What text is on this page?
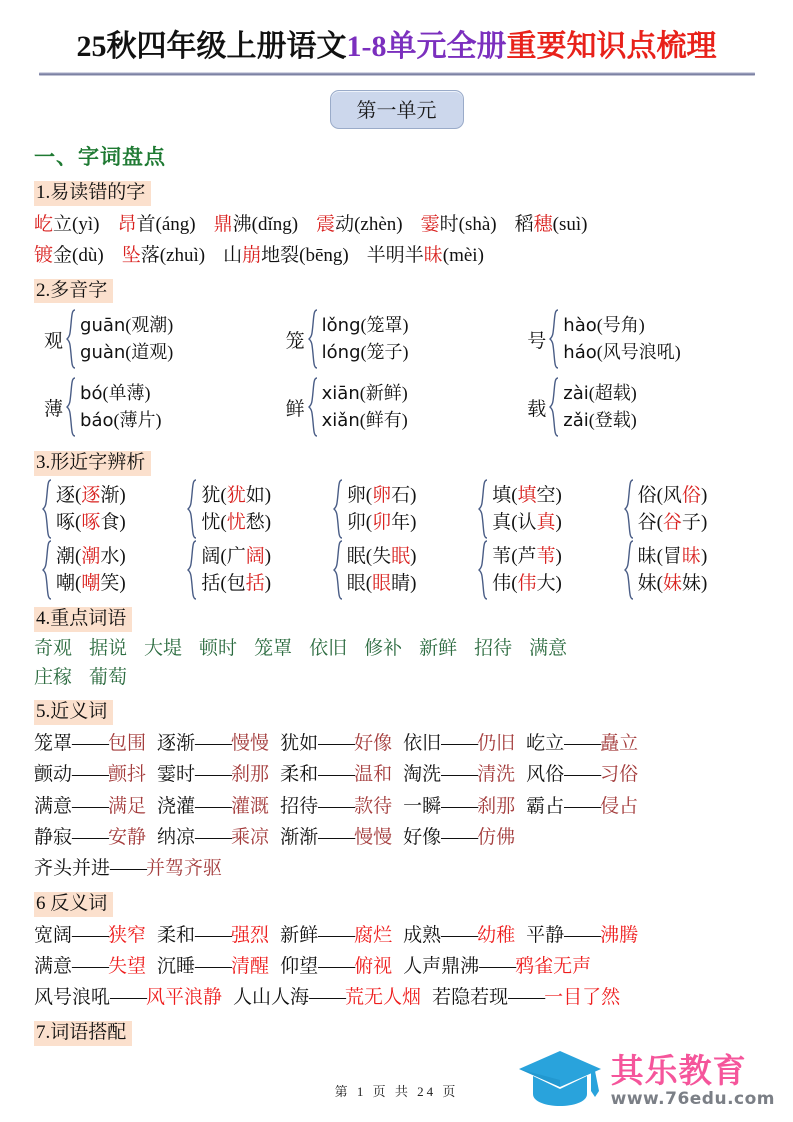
25秋四年级上册语文1-8单元全册重要知识点梳理
第一单元
一、字词盘点
1.易读错的字
屹立(yì) 昂首(áng) 鼎沸(dǐng) 震动(zhèn) 霎时(shà) 稻穗(suì)
镀金(dù) 坠落(zhuì) 山崩地裂(bēng) 半明半昧(mèi)
2.多音字
观
guān(观潮)
guàn(道观)
笼
lǒng(笼罩)
lóng(笼子)
号
hào(号角)
háo(风号浪吼)
薄
bó(单薄)
báo(薄片)
鲜
xiān(新鲜)
xiǎn(鲜有)
载
zài(超载)
zǎi(登载)
3.形近字辨析
逐(逐渐)
啄(啄食)
犹(犹如)
忧(忧愁)
卵(卵石)
卯(卯年)
填(填空)
真(认真)
俗(风俗)
谷(谷子)
潮(潮水)
嘲(嘲笑)
阔(广阔)
括(包括)
眠(失眠)
眼(眼睛)
苇(芦苇)
伟(伟大)
昧(冒昧)
妹(妹妹)
4.重点词语
奇观 据说 大堤 顿时 笼罩 依旧 修补 新鲜 招待 满意
庄稼 葡萄
5.近义词
笼罩——包围 逐渐——慢慢 犹如——好像 依旧——仍旧 屹立——矗立
颤动——颤抖 霎时——刹那 柔和——温和 淘洗——清洗 风俗——习俗
满意——满足 浇灌——灌溉 招待——款待 一瞬——刹那 霸占——侵占
静寂——安静 纳凉——乘凉 渐渐——慢慢 好像——仿佛
齐头并进——并驾齐驱
6 反义词
宽阔——狭窄 柔和——强烈 新鲜——腐烂 成熟——幼稚 平静——沸腾
满意——失望 沉睡——清醒 仰望——俯视 人声鼎沸——鸦雀无声
风号浪吼——风平浪静 人山人海——荒无人烟 若隐若现——一目了然
7.词语搭配
第 1 页 共 24 页
其乐教育
www.76edu.com
